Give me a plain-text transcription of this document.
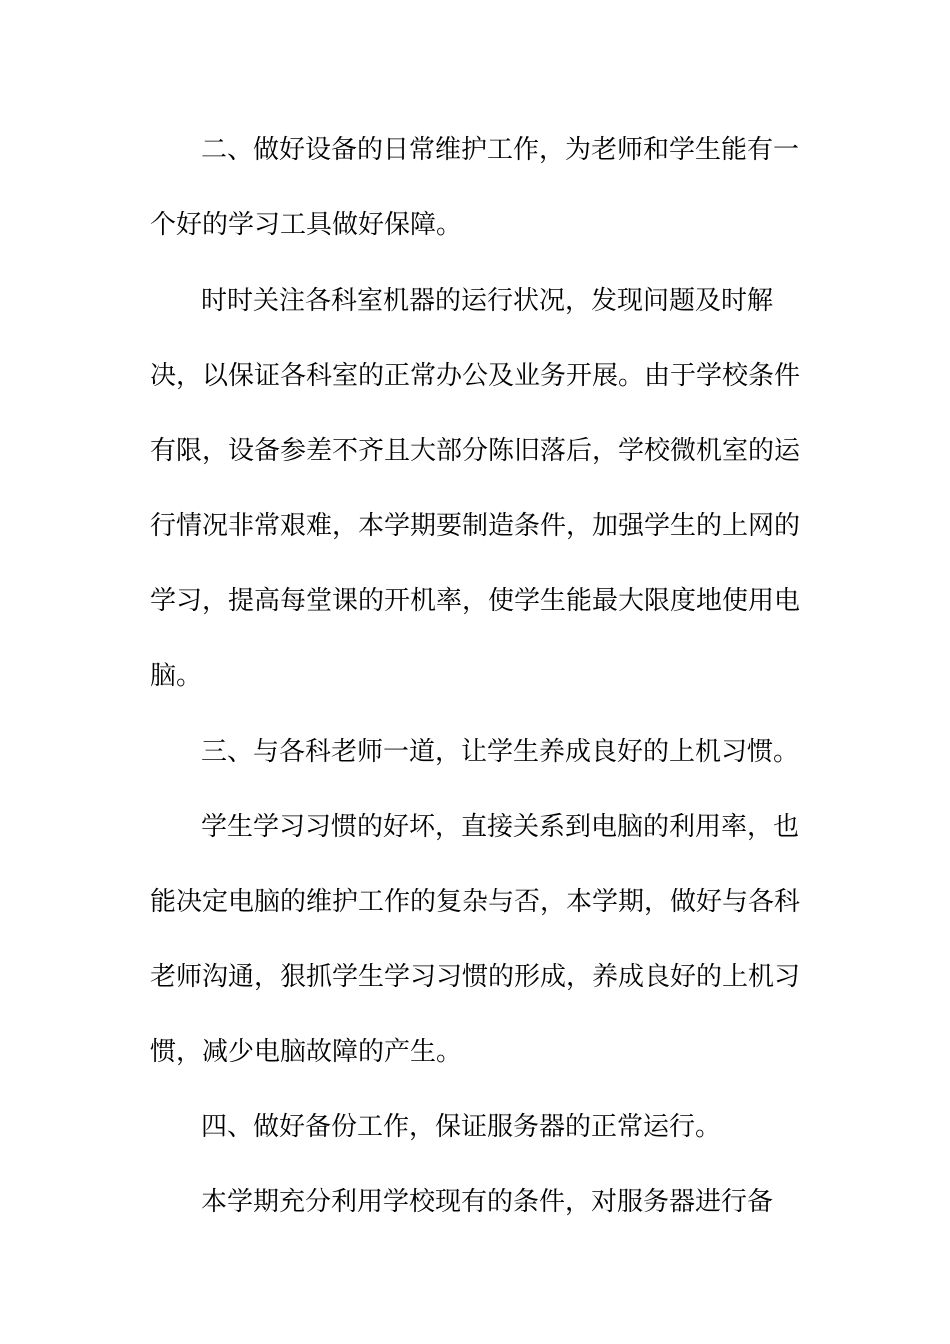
二、做好设备的日常维护工作，为老师和学生能有一
个好的学习工具做好保障。
时时关注各科室机器的运行状况，发现问题及时解
决，以保证各科室的正常办公及业务开展。由于学校条件
有限，设备参差不齐且大部分陈旧落后，学校微机室的运
行情况非常艰难，本学期要制造条件，加强学生的上网的
学习，提高每堂课的开机率，使学生能最大限度地使用电
脑。
三、与各科老师一道，让学生养成良好的上机习惯。
学生学习习惯的好坏，直接关系到电脑的利用率，也
能决定电脑的维护工作的复杂与否，本学期，做好与各科
老师沟通，狠抓学生学习习惯的形成，养成良好的上机习
惯，减少电脑故障的产生。
四、做好备份工作，保证服务器的正常运行。
本学期充分利用学校现有的条件，对服务器进行备
